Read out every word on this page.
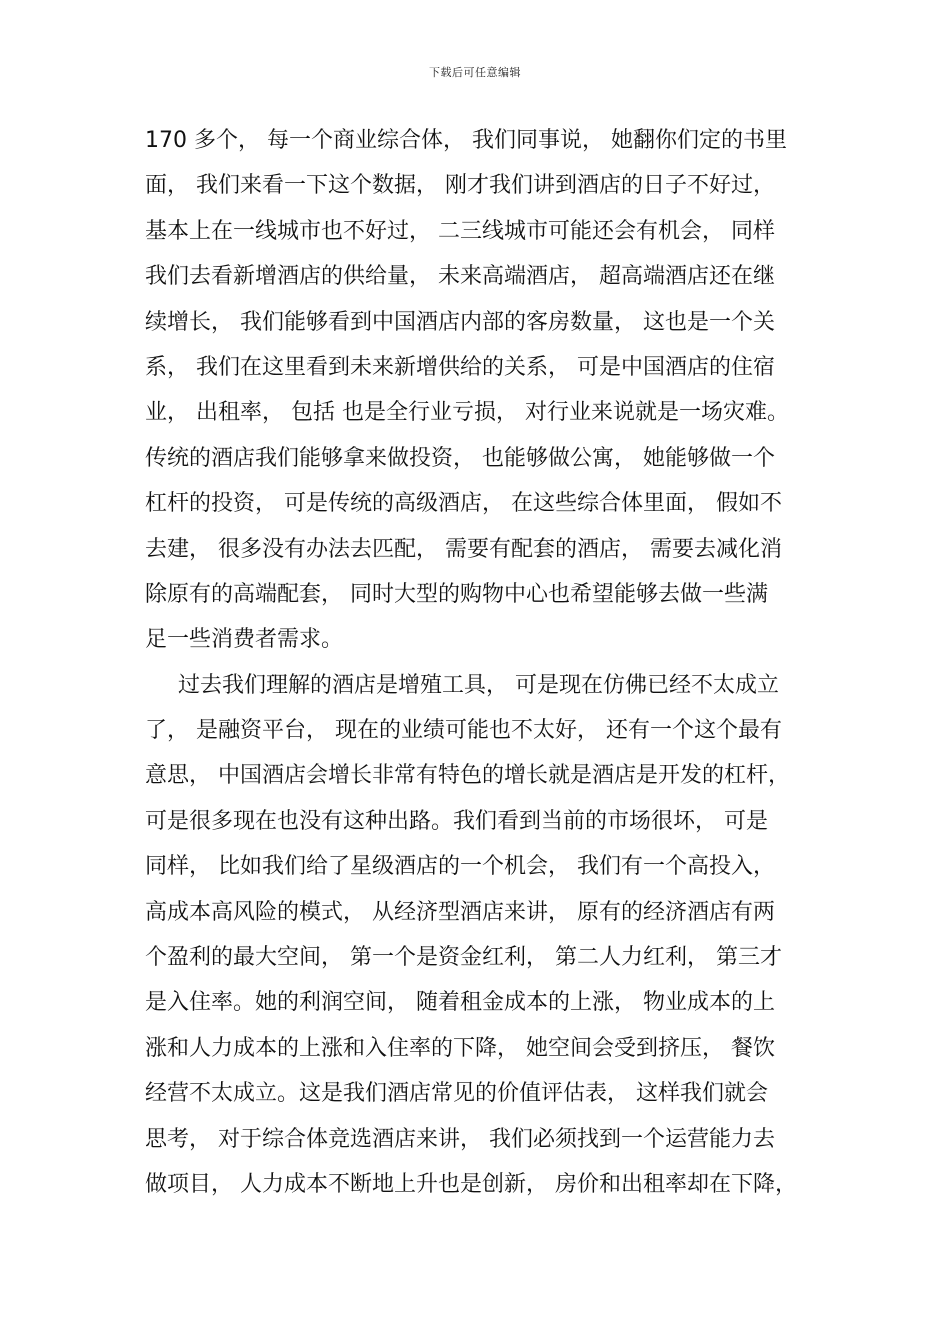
下载后可任意编辑
170 多个， 每一个商业综合体， 我们同事说， 她翻你们定的书里
面， 我们来看一下这个数据， 刚才我们讲到酒店的日子不好过，
基本上在一线城市也不好过， 二三线城市可能还会有机会， 同样
我们去看新增酒店的供给量， 未来高端酒店， 超高端酒店还在继
续增长， 我们能够看到中国酒店内部的客房数量， 这也是一个关
系， 我们在这里看到未来新增供给的关系， 可是中国酒店的住宿
业， 出租率， 包括 也是全行业亏损， 对行业来说就是一场灾难。
传统的酒店我们能够拿来做投资， 也能够做公寓， 她能够做一个
杠杆的投资， 可是传统的高级酒店， 在这些综合体里面， 假如不
去建， 很多没有办法去匹配， 需要有配套的酒店， 需要去减化消
除原有的高端配套， 同时大型的购物中心也希望能够去做一些满
足一些消费者需求。
过去我们理解的酒店是增殖工具， 可是现在仿佛已经不太成立
了， 是融资平台， 现在的业绩可能也不太好， 还有一个这个最有
意思， 中国酒店会增长非常有特色的增长就是酒店是开发的杠杆，
可是很多现在也没有这种出路。我们看到当前的市场很坏， 可是
同样， 比如我们给了星级酒店的一个机会， 我们有一个高投入，
高成本高风险的模式， 从经济型酒店来讲， 原有的经济酒店有两
个盈利的最大空间， 第一个是资金红利， 第二人力红利， 第三才
是入住率。她的利润空间， 随着租金成本的上涨， 物业成本的上
涨和人力成本的上涨和入住率的下降， 她空间会受到挤压， 餐饮
经营不太成立。这是我们酒店常见的价值评估表， 这样我们就会
思考， 对于综合体竞选酒店来讲， 我们必须找到一个运营能力去
做项目， 人力成本不断地上升也是创新， 房价和出租率却在下降，
